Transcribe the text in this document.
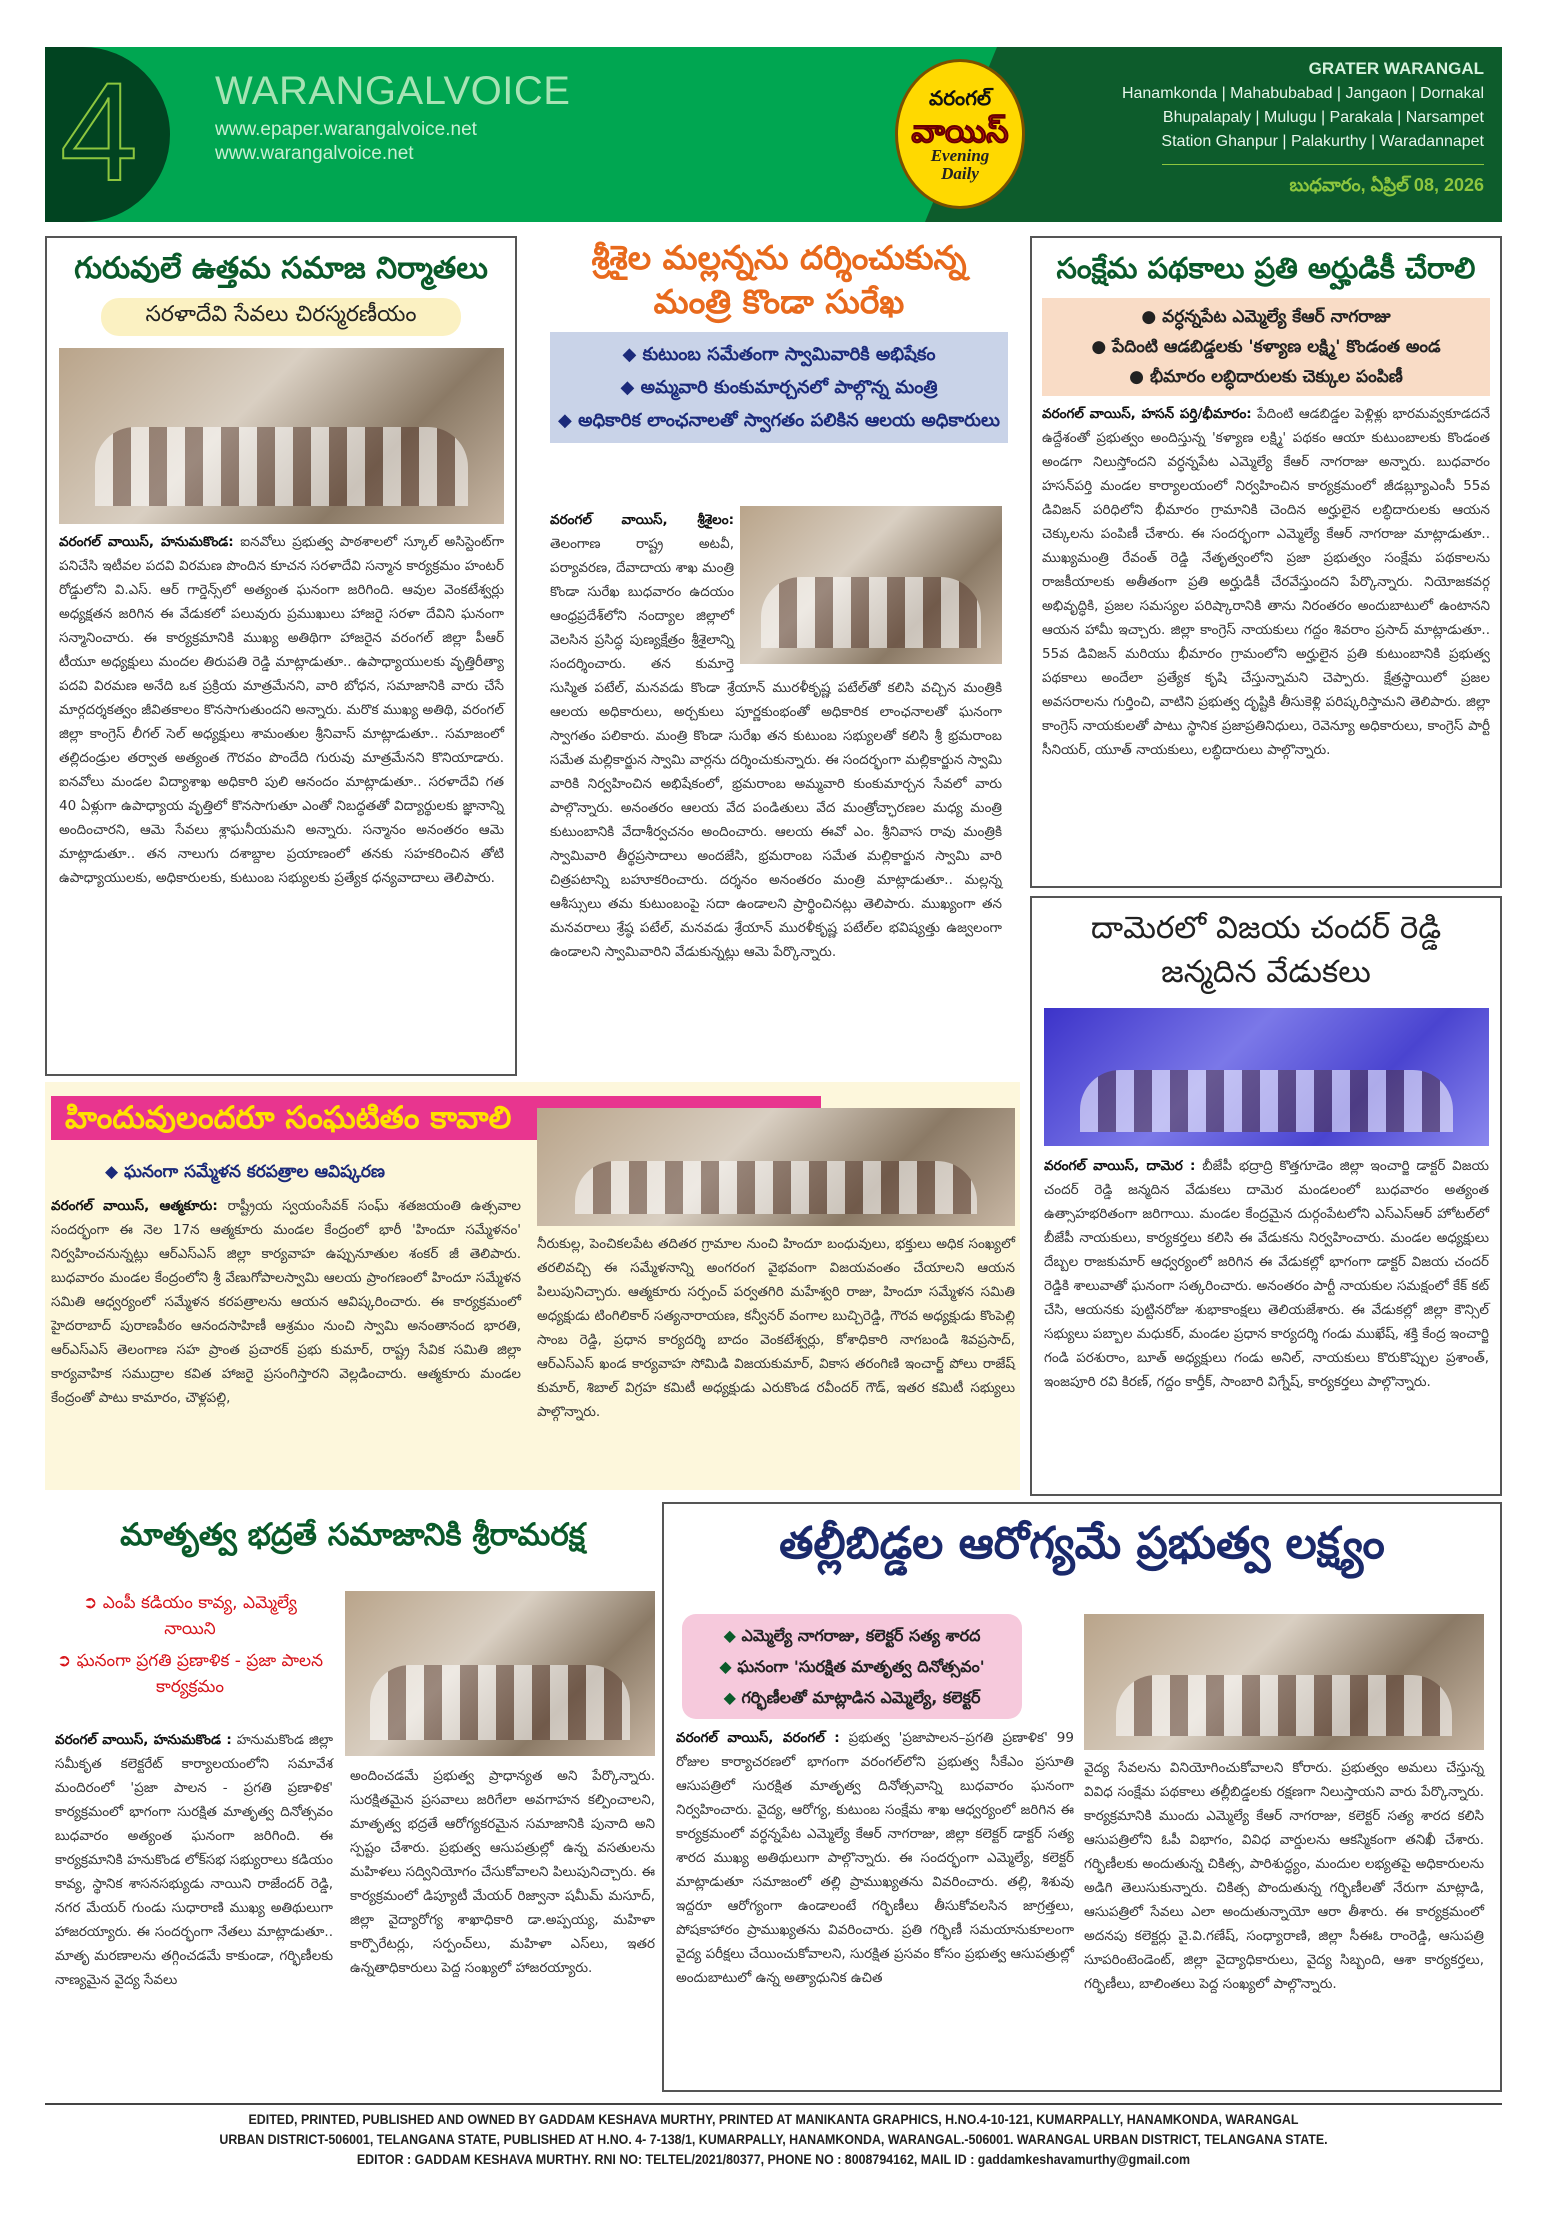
4 WARANGALVOICE
www.epaper.warangalvoice.net
www.warangalvoice.net
వరంగల్
వాయిస్
Evening
Daily
GRATER WARANGAL
Hanamkonda | Mahabubabad | Jangaon | Dornakal
Bhupalapaly | Mulugu | Parakala | Narsampet
Station Ghanpur | Palakurthy | Waradannapet
బుధవారం, ఏప్రిల్ 08, 2026
గురువులే ఉత్తమ సమాజ నిర్మాతలు
సరళాదేవి సేవలు చిరస్మరణీయం
వరంగల్ వాయిస్, హనుమకొండ: ఐనవోలు ప్రభుత్వ పాఠశాలలో స్కూల్ అసిస్టెంట్‌గా పనిచేసి ఇటీవల పదవి విరమణ పొందిన కూచన సరళాదేవి సన్మాన కార్యక్రమం హంటర్ రోడ్డులోని వి.ఎస్. ఆర్ గార్డెన్స్‌లో అత్యంత ఘనంగా జరిగింది. ఆవుల వెంకటేశ్వర్లు అధ్యక్షతన జరిగిన ఈ వేడుకలో పలువురు ప్రముఖులు హాజరై సరళా దేవిని ఘనంగా సన్మానించారు. ఈ కార్యక్రమానికి ముఖ్య అతిథిగా హాజరైన వరంగల్ జిల్లా పీఆర్ టీయూ అధ్యక్షులు మందల తిరుపతి రెడ్డి మాట్లాడుతూ.. ఉపాధ్యాయులకు వృత్తిరీత్యా పదవి విరమణ అనేది ఒక ప్రక్రియ మాత్రమేనని, వారి బోధన, సమాజానికి వారు చేసే మార్గదర్శకత్వం జీవితకాలం కొనసాగుతుందని అన్నారు. మరొక ముఖ్య అతిథి, వరంగల్ జిల్లా కాంగ్రెస్ లీగల్ సెల్ అధ్యక్షులు శామంతుల శ్రీనివాస్ మాట్లాడుతూ.. సమాజంలో తల్లిదండ్రుల తర్వాత అత్యంత గౌరవం పొందేది గురువు మాత్రమేనని కొనియాడారు. ఐనవోలు మండల విద్యాశాఖ అధికారి పులి ఆనందం మాట్లాడుతూ.. సరళాదేవి గత 40 ఏళ్లుగా ఉపాధ్యాయ వృత్తిలో కొనసాగుతూ ఎంతో నిబద్ధతతో విద్యార్థులకు జ్ఞానాన్ని అందించారని, ఆమె సేవలు శ్లాఘనీయమని అన్నారు. సన్మానం అనంతరం ఆమె మాట్లాడుతూ.. తన నాలుగు దశాబ్దాల ప్రయాణంలో తనకు సహకరించిన తోటి ఉపాధ్యాయులకు, అధికారులకు, కుటుంబ సభ్యులకు ప్రత్యేక ధన్యవాదాలు తెలిపారు.
శ్రీశైల మల్లన్నను దర్శించుకున్న
మంత్రి కొండా సురేఖ
◆ కుటుంబ సమేతంగా స్వామివారికి అభిషేకం
◆ అమ్మవారి కుంకుమార్చనలో పాల్గొన్న మంత్రి
◆ అధికారిక లాంఛనాలతో స్వాగతం పలికిన ఆలయ అధికారులు
వరంగల్ వాయిస్, శ్రీశైలం: తెలంగాణ రాష్ట్ర అటవీ, పర్యావరణ, దేవాదాయ శాఖ మంత్రి కొండా సురేఖ బుధవారం ఉదయం ఆంధ్రప్రదేశ్‌లోని నంద్యాల జిల్లాలో వెలసిన ప్రసిద్ధ పుణ్యక్షేత్రం శ్రీశైలాన్ని సందర్శించారు. తన కుమార్తె సుస్మిత పటేల్, మనవడు కొండా శ్రేయాన్ మురళీకృష్ణ పటేల్‌తో కలిసి వచ్చిన మంత్రికి ఆలయ అధికారులు, అర్చకులు పూర్ణకుంభంతో అధికారిక లాంఛనాలతో ఘనంగా స్వాగతం పలికారు. మంత్రి కొండా సురేఖ తన కుటుంబ సభ్యులతో కలిసి శ్రీ భ్రమరాంబ సమేత మల్లికార్జున స్వామి వార్లను దర్శించుకున్నారు. ఈ సందర్భంగా మల్లికార్జున స్వామి వారికి నిర్వహించిన అభిషేకంలో, భ్రమరాంబ అమ్మవారి కుంకుమార్చన సేవలో వారు పాల్గొన్నారు. అనంతరం ఆలయ వేద పండితులు వేద మంత్రోచ్ఛారణల మధ్య మంత్రి కుటుంబానికి వేదాశీర్వచనం అందించారు. ఆలయ ఈవో ఎం. శ్రీనివాస రావు మంత్రికి స్వామివారి తీర్థప్రసాదాలు అందజేసి, భ్రమరాంబ సమేత మల్లికార్జున స్వామి వారి చిత్రపటాన్ని బహూకరించారు. దర్శనం అనంతరం మంత్రి మాట్లాడుతూ.. మల్లన్న ఆశీస్సులు తమ కుటుంబంపై సదా ఉండాలని ప్రార్థించినట్లు తెలిపారు. ముఖ్యంగా తన మనవరాలు శ్రేష్ఠ పటేల్, మనవడు శ్రేయాన్ మురళీకృష్ణ పటేల్‌ల భవిష్యత్తు ఉజ్వలంగా ఉండాలని స్వామివారిని వేడుకున్నట్లు ఆమె పేర్కొన్నారు.
సంక్షేమ పథకాలు ప్రతి అర్హుడికీ చేరాలి
● వర్ధన్నపేట ఎమ్మెల్యే కేఆర్ నాగరాజు
● పేదింటి ఆడబిడ్డలకు 'కళ్యాణ లక్ష్మి' కొండంత అండ
● భీమారం లబ్ధిదారులకు చెక్కుల పంపిణీ
వరంగల్ వాయిస్, హసన్ పర్తి/భీమారం: పేదింటి ఆడబిడ్డల పెళ్లిళ్లు భారమవ్వకూడదనే ఉద్దేశంతో ప్రభుత్వం అందిస్తున్న 'కళ్యాణ లక్ష్మి' పథకం ఆయా కుటుంబాలకు కొండంత అండగా నిలుస్తోందని వర్ధన్నపేట ఎమ్మెల్యే కేఆర్ నాగరాజు అన్నారు. బుధవారం హసన్‌పర్తి మండల కార్యాలయంలో నిర్వహించిన కార్యక్రమంలో జీడబ్ల్యూఎంసీ 55వ డివిజన్ పరిధిలోని భీమారం గ్రామానికి చెందిన అర్హులైన లబ్ధిదారులకు ఆయన చెక్కులను పంపిణీ చేశారు. ఈ సందర్భంగా ఎమ్మెల్యే కేఆర్ నాగరాజు మాట్లాడుతూ.. ముఖ్యమంత్రి రేవంత్ రెడ్డి నేతృత్వంలోని ప్రజా ప్రభుత్వం సంక్షేమ పథకాలను రాజకీయాలకు అతీతంగా ప్రతి అర్హుడికీ చేరవేస్తుందని పేర్కొన్నారు. నియోజకవర్గ అభివృద్ధికి, ప్రజల సమస్యల పరిష్కారానికి తాను నిరంతరం అందుబాటులో ఉంటానని ఆయన హామీ ఇచ్చారు. జిల్లా కాంగ్రెస్ నాయకులు గద్దం శివరాం ప్రసాద్ మాట్లాడుతూ.. 55వ డివిజన్ మరియు భీమారం గ్రామంలోని అర్హులైన ప్రతి కుటుంబానికి ప్రభుత్వ పథకాలు అందేలా ప్రత్యేక కృషి చేస్తున్నామని చెప్పారు. క్షేత్రస్థాయిలో ప్రజల అవసరాలను గుర్తించి, వాటిని ప్రభుత్వ దృష్టికి తీసుకెళ్లి పరిష్కరిస్తామని తెలిపారు. జిల్లా కాంగ్రెస్ నాయకులతో పాటు స్థానిక ప్రజాప్రతినిధులు, రెవెన్యూ అధికారులు, కాంగ్రెస్ పార్టీ సీనియర్, యూత్ నాయకులు, లబ్ధిదారులు పాల్గొన్నారు.
దామెరలో విజయ చందర్ రెడ్డి
జన్మదిన వేడుకలు
వరంగల్ వాయిస్, దామెర : బీజేపీ భద్రాద్రి కొత్తగూడెం జిల్లా ఇంచార్జి డాక్టర్ విజయ చందర్ రెడ్డి జన్మదిన వేడుకలు దామెర మండలంలో బుధవారం అత్యంత ఉత్సాహభరితంగా జరిగాయి. మండల కేంద్రమైన దుర్గంపేటలోని ఎస్ఎస్ఆర్ హోటల్‌లో బీజేపీ నాయకులు, కార్యకర్తలు కలిసి ఈ వేడుకను నిర్వహించారు. మండల అధ్యక్షులు దేబ్బల రాజకుమార్ ఆధ్వర్యంలో జరిగిన ఈ వేడుకల్లో భాగంగా డాక్టర్ విజయ చందర్ రెడ్డికి శాలువాతో ఘనంగా సత్కరించారు. అనంతరం పార్టీ నాయకుల సమక్షంలో కేక్ కట్ చేసి, ఆయనకు పుట్టినరోజు శుభాకాంక్షలు తెలియజేశారు. ఈ వేడుకల్లో జిల్లా కౌన్సిల్ సభ్యులు పబ్బాల మధుకర్, మండల ప్రధాన కార్యదర్శి గండు ముఖేష్, శక్తి కేంద్ర ఇంచార్జి గండి పరశురాం, బూత్ అధ్యక్షులు గండు అనిల్, నాయకులు కొరుకొప్పుల ప్రశాంత్, ఇంజపూరి రవి కిరణ్, గద్దం కార్తీక్, సాంబారి విగ్నేష్, కార్యకర్తలు పాల్గొన్నారు.
హిందువులందరూ సంఘటితం కావాలి
◆ ఘనంగా సమ్మేళన కరపత్రాల ఆవిష్కరణ
వరంగల్ వాయిస్, ఆత్మకూరు: రాష్ట్రీయ స్వయంసేవక్ సంఘ్ శతజయంతి ఉత్సవాల సందర్భంగా ఈ నెల 17న ఆత్మకూరు మండల కేంద్రంలో భారీ 'హిందూ సమ్మేళనం' నిర్వహించనున్నట్లు ఆర్ఎస్ఎస్ జిల్లా కార్యవాహ ఉప్పునూతుల శంకర్ జీ తెలిపారు. బుధవారం మండల కేంద్రంలోని శ్రీ వేణుగోపాలస్వామి ఆలయ ప్రాంగణంలో హిందూ సమ్మేళన సమితి ఆధ్వర్యంలో సమ్మేళన కరపత్రాలను ఆయన ఆవిష్కరించారు. ఈ కార్యక్రమంలో హైదరాబాద్ పురాణపీఠం ఆనందసాహిణీ ఆశ్రమం నుంచి స్వామి అనంతానంద భారతి, ఆర్ఎస్ఎస్ తెలంగాణ సహ ప్రాంత ప్రచారక్ ప్రభు కుమార్, రాష్ట్ర సేవిక సమితి జిల్లా కార్యవాహిక సముద్రాల కవిత హాజరై ప్రసంగిస్తారని వెల్లడించారు. ఆత్మకూరు మండల కేంద్రంతో పాటు కామారం, చౌళ్లపల్లి,
నీరుకుల్ల, పెంచికలపేట తదితర గ్రామాల నుంచి హిందూ బంధువులు, భక్తులు అధిక సంఖ్యలో తరలివచ్చి ఈ సమ్మేళనాన్ని అంగరంగ వైభవంగా విజయవంతం చేయాలని ఆయన పిలుపునిచ్చారు. ఆత్మకూరు సర్పంచ్ పర్వతగిరి మహేశ్వరి రాజు, హిందూ సమ్మేళన సమితి అధ్యక్షుడు టింగిలికార్ సత్యనారాయణ, కన్వీనర్ వంగాల బుచ్చిరెడ్డి, గౌరవ అధ్యక్షుడు కొంపెల్లి సాంబ రెడ్డి, ప్రధాన కార్యదర్శి బాదం వెంకటేశ్వర్లు, కోశాధికారి నాగబండి శివప్రసాద్, ఆర్ఎస్ఎస్ ఖండ కార్యవాహ సోమిడి విజయకుమార్, వికాస తరంగిణి ఇంచార్జ్ పోలు రాజేష్ కుమార్, శిబాల్ విగ్రహ కమిటీ అధ్యక్షుడు ఎరుకొండ రవీందర్ గౌడ్, ఇతర కమిటీ సభ్యులు పాల్గొన్నారు.
మాతృత్వ భద్రతే సమాజానికి శ్రీరామరక్ష
➲ ఎంపీ కడియం కావ్య, ఎమ్మెల్యే నాయిని
➲ ఘనంగా ప్రగతి ప్రణాళిక - ప్రజా పాలన కార్యక్రమం
వరంగల్ వాయిస్, హనుమకొండ : హనుమకొండ జిల్లా సమీకృత కలెక్టరేట్ కార్యాలయంలోని సమావేశ మందిరంలో 'ప్రజా పాలన - ప్రగతి ప్రణాళిక' కార్యక్రమంలో భాగంగా సురక్షిత మాతృత్వ దినోత్సవం బుధవారం అత్యంత ఘనంగా జరిగింది. ఈ కార్యక్రమానికి హనుకొండ లోక్‌సభ సభ్యురాలు కడియం కావ్య, స్థానిక శాసనసభ్యుడు నాయిని రాజేందర్ రెడ్డి, నగర మేయర్ గుండు సుధారాణి ముఖ్య అతిథులుగా హాజరయ్యారు. ఈ సందర్భంగా నేతలు మాట్లాడుతూ.. మాతృ మరణాలను తగ్గించడమే కాకుండా, గర్భిణీలకు నాణ్యమైన వైద్య సేవలు
అందించడమే ప్రభుత్వ ప్రాధాన్యత అని పేర్కొన్నారు. సురక్షితమైన ప్రసవాలు జరిగేలా అవగాహన కల్పించాలని, మాతృత్వ భద్రతే ఆరోగ్యకరమైన సమాజానికి పునాది అని స్పష్టం చేశారు. ప్రభుత్వ ఆసుపత్రుల్లో ఉన్న వసతులను మహిళలు సద్వినియోగం చేసుకోవాలని పిలుపునిచ్చారు. ఈ కార్యక్రమంలో డిప్యూటీ మేయర్ రిజ్వానా షమీమ్ మసూద్, జిల్లా వైద్యారోగ్య శాఖాధికారి డా.అప్పయ్య, మహిళా కార్పొరేటర్లు, సర్పంచ్‌లు, మహిళా ఎస్‌లు, ఇతర ఉన్నతాధికారులు పెద్ద సంఖ్యలో హాజరయ్యారు.
తల్లీబిడ్డల ఆరోగ్యమే ప్రభుత్వ లక్ష్యం
◆ ఎమ్మెల్యే నాగరాజు, కలెక్టర్ సత్య శారద
◆ ఘనంగా 'సురక్షిత మాతృత్వ దినోత్సవం'
◆ గర్భిణీలతో మాట్లాడిన ఎమ్మెల్యే, కలెక్టర్
వరంగల్ వాయిస్, వరంగల్ : ప్రభుత్వ 'ప్రజాపాలన–ప్రగతి ప్రణాళిక' 99 రోజుల కార్యాచరణలో భాగంగా వరంగల్‌లోని ప్రభుత్వ సీకేఎం ప్రసూతి ఆసుపత్రిలో సురక్షిత మాతృత్వ దినోత్సవాన్ని బుధవారం ఘనంగా నిర్వహించారు. వైద్య, ఆరోగ్య, కుటుంబ సంక్షేమ శాఖ ఆధ్వర్యంలో జరిగిన ఈ కార్యక్రమంలో వర్ధన్నపేట ఎమ్మెల్యే కేఆర్ నాగరాజు, జిల్లా కలెక్టర్ డాక్టర్ సత్య శారద ముఖ్య అతిథులుగా పాల్గొన్నారు. ఈ సందర్భంగా ఎమ్మెల్యే, కలెక్టర్ మాట్లాడుతూ సమాజంలో తల్లి ప్రాముఖ్యతను వివరించారు. తల్లి, శిశువు ఇద్దరూ ఆరోగ్యంగా ఉండాలంటే గర్భిణీలు తీసుకోవలసిన జాగ్రత్తలు, పోషకాహారం ప్రాముఖ్యతను వివరించారు. ప్రతి గర్భిణీ సమయానుకూలంగా వైద్య పరీక్షలు చేయించుకోవాలని, సురక్షిత ప్రసవం కోసం ప్రభుత్వ ఆసుపత్రుల్లో అందుబాటులో ఉన్న అత్యాధునిక ఉచిత
వైద్య సేవలను వినియోగించుకోవాలని కోరారు. ప్రభుత్వం అమలు చేస్తున్న వివిధ సంక్షేమ పథకాలు తల్లీబిడ్డలకు రక్షణగా నిలుస్తాయని వారు పేర్కొన్నారు. కార్యక్రమానికి ముందు ఎమ్మెల్యే కేఆర్ నాగరాజు, కలెక్టర్ సత్య శారద కలిసి ఆసుపత్రిలోని ఓపీ విభాగం, వివిధ వార్డులను ఆకస్మికంగా తనిఖీ చేశారు. గర్భిణీలకు అందుతున్న చికిత్స, పారిశుద్ధ్యం, మందుల లభ్యతపై అధికారులను అడిగి తెలుసుకున్నారు. చికిత్స పొందుతున్న గర్భిణీలతో నేరుగా మాట్లాడి, ఆసుపత్రిలో సేవలు ఎలా అందుతున్నాయో ఆరా తీశారు. ఈ కార్యక్రమంలో అదనపు కలెక్టర్లు వై.వి.గణేష్, సంధ్యారాణి, జిల్లా సీఈఓ రాంరెడ్డి, ఆసుపత్రి సూపరింటెండెంట్, జిల్లా వైద్యాధికారులు, వైద్య సిబ్బంది, ఆశా కార్యకర్తలు, గర్భిణీలు, బాలింతలు పెద్ద సంఖ్యలో పాల్గొన్నారు.
EDITED, PRINTED, PUBLISHED AND OWNED BY GADDAM KESHAVA MURTHY, PRINTED AT MANIKANTA GRAPHICS, H.NO.4-10-121, KUMARPALLY, HANAMKONDA, WARANGAL
URBAN DISTRICT-506001, TELANGANA STATE, PUBLISHED AT H.NO. 4- 7-138/1, KUMARPALLY, HANAMKONDA, WARANGAL.-506001. WARANGAL URBAN DISTRICT, TELANGANA STATE.
EDITOR : GADDAM KESHAVA MURTHY. RNI NO: TELTEL/2021/80377, PHONE NO : 8008794162, MAIL ID : gaddamkeshavamurthy@gmail.com
